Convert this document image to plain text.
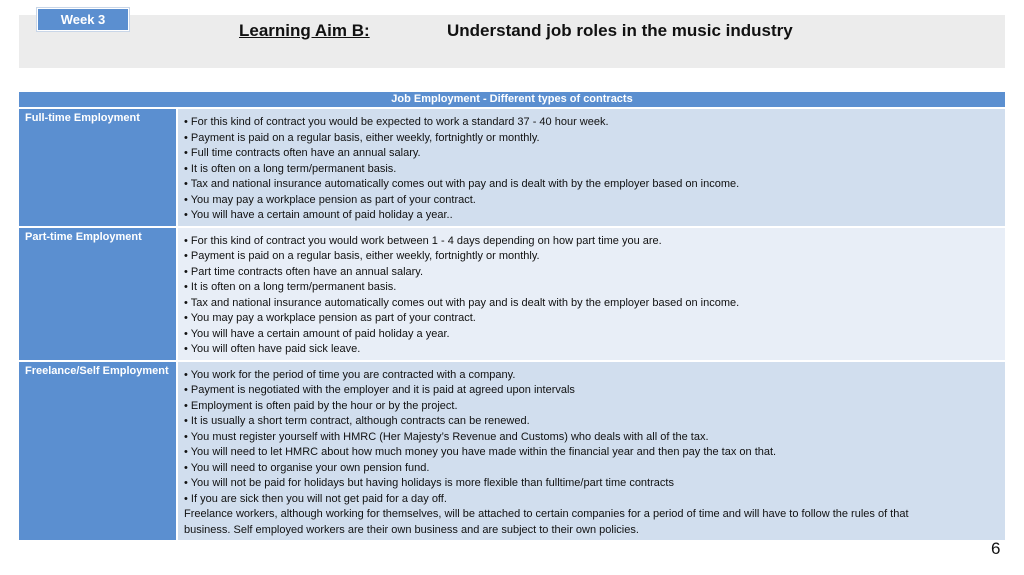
Week 3
Learning Aim B:	Understand job roles in the music industry
Job Employment - Different types of contracts
Full-time Employment	• For this kind of contract you would be expected to work a standard 37 - 40 hour week.
• Payment is paid on a regular basis, either weekly, fortnightly or monthly.
• Full time contracts often have an annual salary.
• It is often on a long term/permanent basis.
• Tax and national insurance automatically comes out with pay and is dealt with by the employer based on income.
• You may pay a workplace pension as part of your contract.
• You will have a certain amount of paid holiday a year..
Part-time Employment	• For this kind of contract you would work between 1 - 4 days depending on how part time you are.
• Payment is paid on a regular basis, either weekly, fortnightly or monthly.
• Part time contracts often have an annual salary.
• It is often on a long term/permanent basis.
• Tax and national insurance automatically comes out with pay and is dealt with by the employer based on income.
• You may pay a workplace pension as part of your contract.
• You will have a certain amount of paid holiday a year.
• You will often have paid sick leave.
Freelance/Self Employment	• You work for the period of time you are contracted with a company.
• Payment is negotiated with the employer and it is paid at agreed upon intervals
• Employment is often paid by the hour or by the project.
• It is usually a short term contract, although contracts can be renewed.
• You must register yourself with HMRC (Her Majesty’s Revenue and Customs) who deals with all of the tax.
• You will need to let HMRC about how much money you have made within the financial year and then pay the tax on that.
• You will need to organise your own pension fund.
• You will not be paid for holidays but having holidays is more flexible than fulltime/part time contracts
• If you are sick then you will not get paid for a day off.
Freelance workers, although working for themselves, will be attached to certain companies for a period of time and will have to follow the rules of that
business. Self employed workers are their own business and are subject to their own policies.
6
